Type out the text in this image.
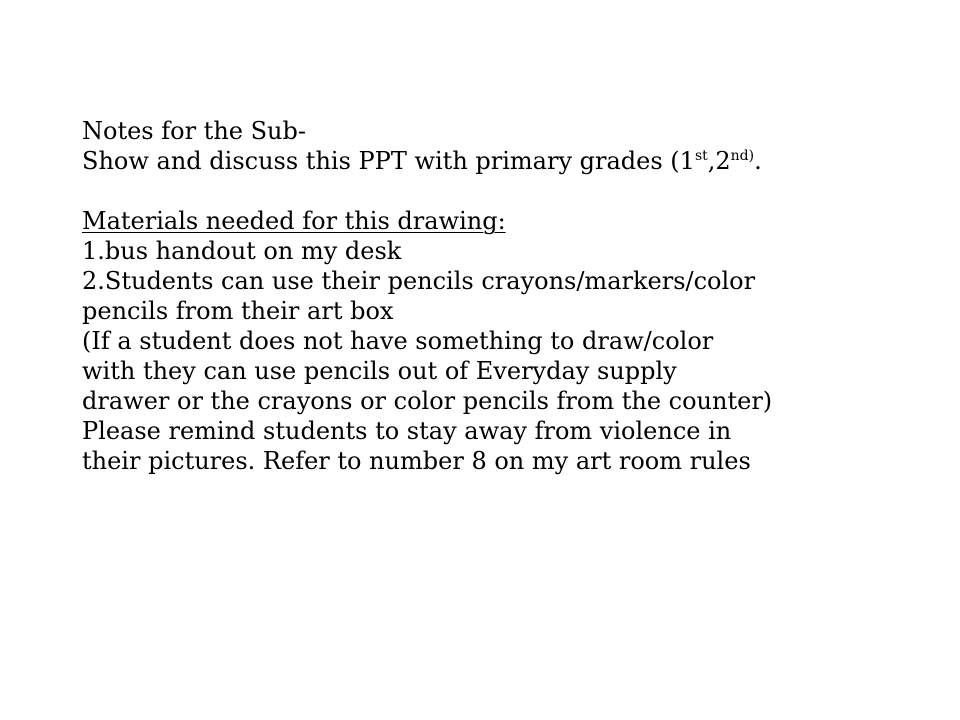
Notes for the Sub-
Show and discuss this PPT with primary grades ($1st,2^{nd)}$.
Materials needed for this drawing:
1.bus handout on my desk
2.Students can use their pencils crayons/markers/color
pencils from their art box
(If a student does not have something to draw/color
with they can use pencils out of Everyday supply
drawer or the crayons or color pencils from the counter)
Please remind students to stay away from violence in
their pictures. Refer to number 8 on my art room rules
